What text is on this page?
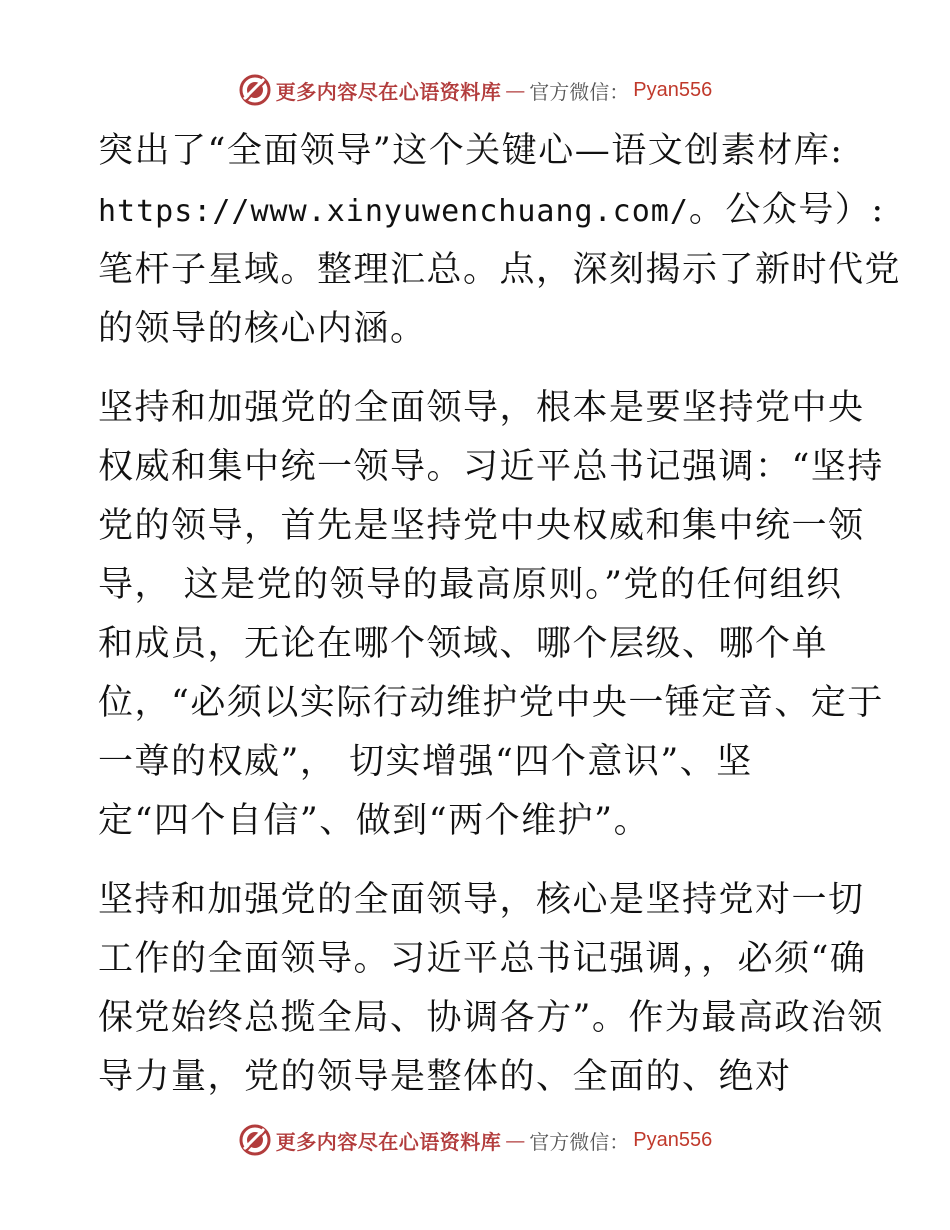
更多内容尽在心语资料库 — 官方微信： Pyan556

突出了“全面领导”这个关键心—语文创素材库:
https://www.xinyuwenchuang.com/。公众号）:
笔杆子星域。整理汇总。点，深刻揭示了新时代党
的领导的核心内涵。

坚持和加强党的全面领导，根本是要坚持党中央
权威和集中统一领导。习近平总书记强调：“坚持
党的领导，首先是坚持党中央权威和集中统一领
导， 这是党的领导的最高原则。”党的任何组织
和成员，无论在哪个领域、哪个层级、哪个单
位，“必须以实际行动维护党中央一锤定音、定于
一尊的权威”， 切实增强“四个意识”、坚
定“四个自信”、做到“两个维护”。

坚持和加强党的全面领导，核心是坚持党对一切
工作的全面领导。习近平总书记强调，，必须“确
保党始终总揽全局、协调各方”。作为最高政治领
导力量，党的领导是整体的、全面的、绝对

更多内容尽在心语资料库 — 官方微信： Pyan556
